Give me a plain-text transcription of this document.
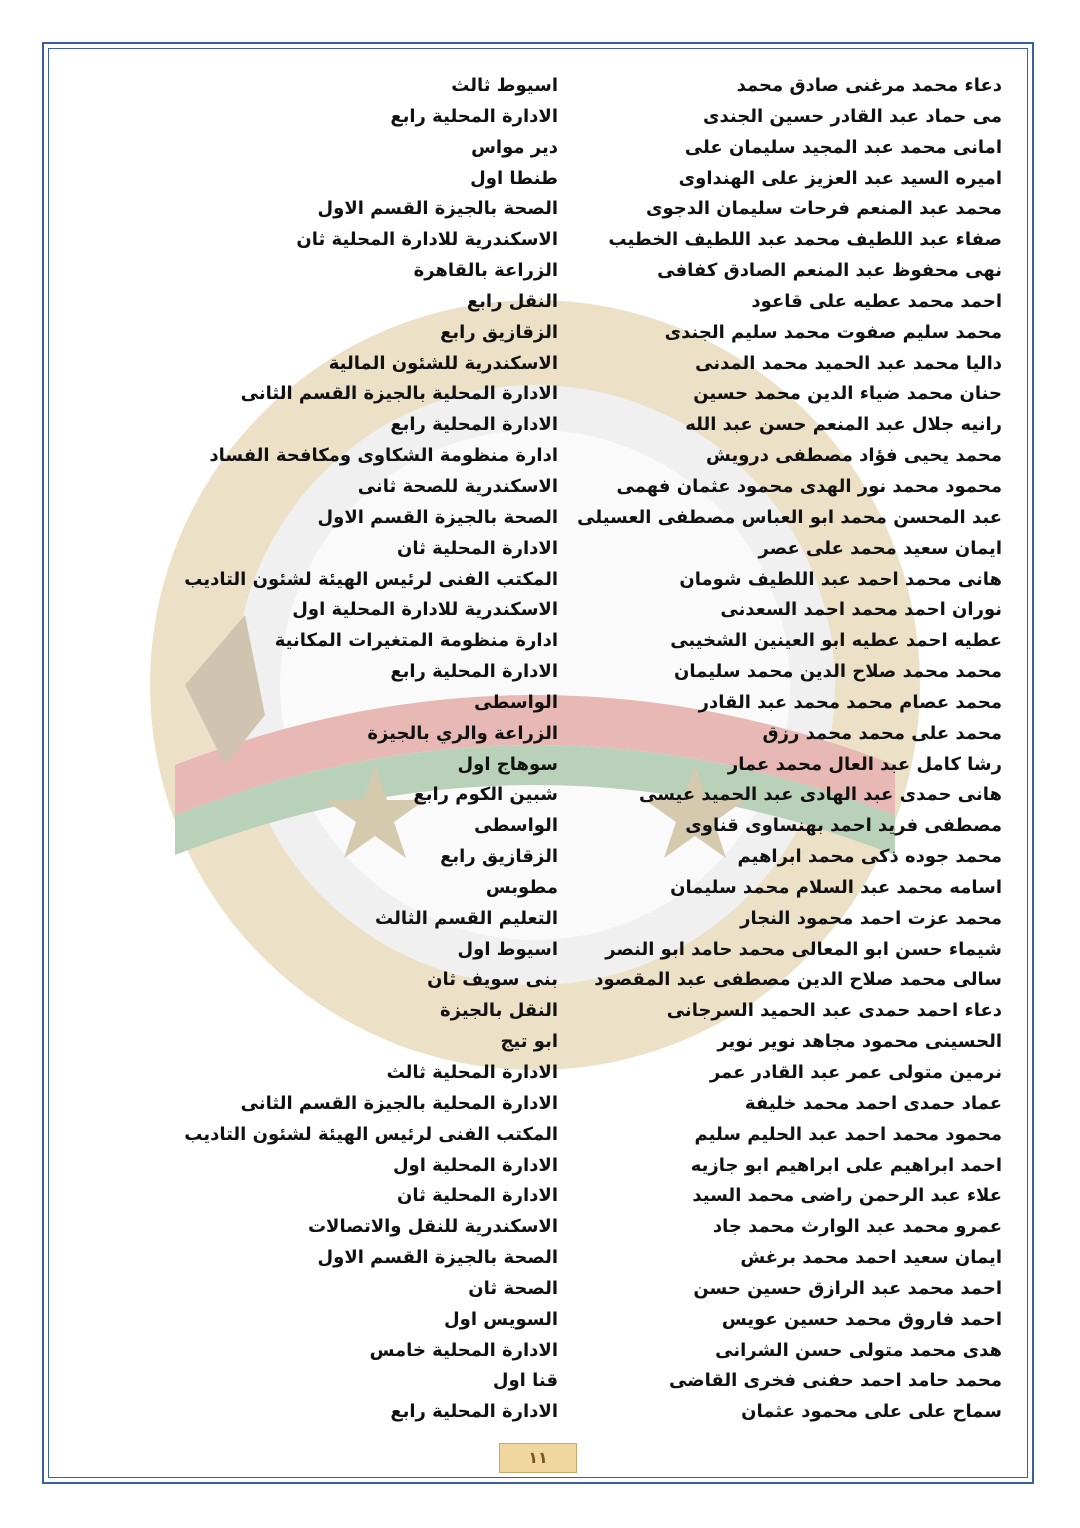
دعاء محمد مرغنى صادق محمد
اسيوط ثالث
مى حماد عبد القادر حسين الجندى
الادارة المحلية رابع
امانى محمد عبد المجيد سليمان على
دير مواس
اميره السيد عبد العزيز على الهنداوى
طنطا اول
محمد عبد المنعم فرحات سليمان الدجوى
الصحة بالجيزة القسم الاول
صفاء عبد اللطيف محمد عبد اللطيف الخطيب
الاسكندرية للادارة المحلية ثان
نهى محفوظ عبد المنعم الصادق كفافى
الزراعة بالقاهرة
احمد محمد عطيه على قاعود
النقل رابع
محمد سليم صفوت محمد سليم الجندى
الزقازيق رابع
داليا محمد عبد الحميد محمد المدنى
الاسكندرية للشئون المالية
حنان محمد ضياء الدين محمد حسين
الادارة المحلية بالجيزة القسم الثانى
رانيه جلال عبد المنعم حسن عبد الله
الادارة المحلية رابع
محمد يحيى فؤاد مصطفى درويش
ادارة منظومة الشكاوى ومكافحة الفساد
محمود محمد نور الهدى محمود عثمان فهمى
الاسكندرية للصحة ثانى
عبد المحسن محمد ابو العباس مصطفى العسيلى
الصحة بالجيزة القسم الاول
ايمان سعيد محمد على عصر
الادارة المحلية ثان
هانى محمد احمد عبد اللطيف شومان
المكتب الفنى لرئيس الهيئة لشئون التاديب
نوران احمد محمد احمد السعدنى
الاسكندرية للادارة المحلية اول
عطيه احمد عطيه ابو العينين الشخيبى
ادارة منظومة المتغيرات المكانية
محمد محمد صلاح الدين محمد سليمان
الادارة المحلية رابع
محمد عصام محمد محمد عبد القادر
الواسطى
محمد على محمد محمد رزق
الزراعة والري بالجيزة
رشا كامل عبد العال محمد عمار
سوهاج اول
هانى حمدى عبد الهادى عبد الحميد عيسى
شبين الكوم رابع
مصطفى فريد احمد بهنساوى قناوى
الواسطى
محمد جوده ذكى محمد ابراهيم
الزقازيق رابع
اسامه محمد عبد السلام محمد سليمان
مطوبس
محمد عزت احمد محمود النجار
التعليم القسم الثالث
شيماء حسن ابو المعالى محمد حامد ابو النصر
اسيوط اول
سالى محمد صلاح الدين مصطفى عبد المقصود
بنى سويف ثان
دعاء احمد حمدى عبد الحميد السرجانى
النقل بالجيزة
الحسينى محمود مجاهد نوير نوير
ابو تيج
نرمين متولى عمر عبد القادر عمر
الادارة المحلية ثالث
عماد حمدى احمد محمد خليفة
الادارة المحلية بالجيزة القسم الثانى
محمود محمد احمد عبد الحليم سليم
المكتب الفنى لرئيس الهيئة لشئون التاديب
احمد ابراهيم على ابراهيم ابو جازيه
الادارة المحلية اول
علاء عبد الرحمن راضى محمد السيد
الادارة المحلية ثان
عمرو محمد عبد الوارث محمد جاد
الاسكندرية للنقل والاتصالات
ايمان سعيد احمد محمد برغش
الصحة بالجيزة القسم الاول
احمد محمد عبد الرازق حسين حسن
الصحة ثان
احمد فاروق محمد حسين عويس
السويس اول
هدى محمد متولى حسن الشرانى
الادارة المحلية خامس
محمد حامد احمد حفنى فخرى القاضى
قنا اول
سماح على على محمود عثمان
الادارة المحلية رابع
١١
